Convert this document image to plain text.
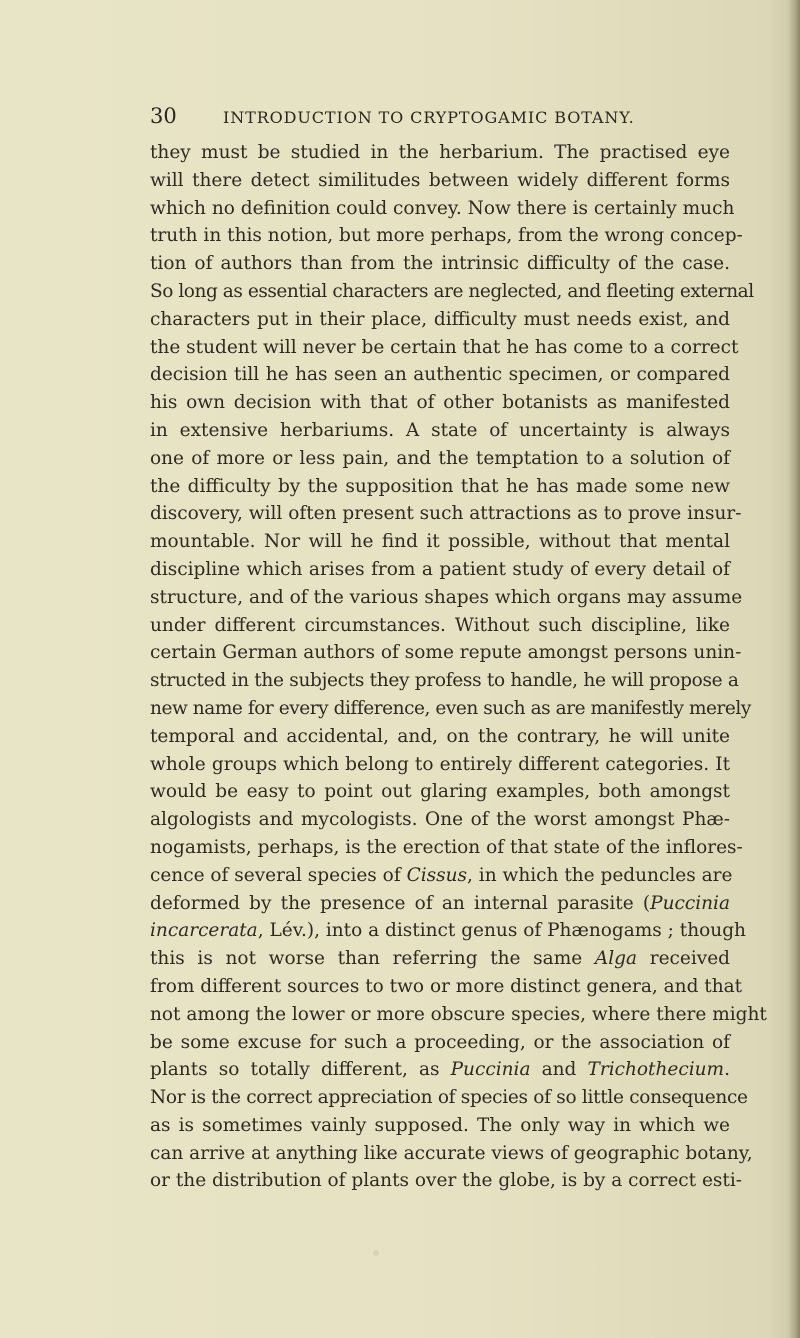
30	INTRODUCTION TO CRYPTOGAMIC BOTANY.
they must be studied in the herbarium. The practised eye
will there detect similitudes between widely different forms
which no definition could convey. Now there is certainly much
truth in this notion, but more perhaps, from the wrong concep-
tion of authors than from the intrinsic difficulty of the case.
So long as essential characters are neglected, and fleeting external
characters put in their place, difficulty must needs exist, and
the student will never be certain that he has come to a correct
decision till he has seen an authentic specimen, or compared
his own decision with that of other botanists as manifested
in extensive herbariums. A state of uncertainty is always
one of more or less pain, and the temptation to a solution of
the difficulty by the supposition that he has made some new
discovery, will often present such attractions as to prove insur-
mountable. Nor will he find it possible, without that mental
discipline which arises from a patient study of every detail of
structure, and of the various shapes which organs may assume
under different circumstances. Without such discipline, like
certain German authors of some repute amongst persons unin-
structed in the subjects they profess to handle, he will propose a
new name for every difference, even such as are manifestly merely
temporal and accidental, and, on the contrary, he will unite
whole groups which belong to entirely different categories. It
would be easy to point out glaring examples, both amongst
algologists and mycologists. One of the worst amongst Phæ-
nogamists, perhaps, is the erection of that state of the inflores-
cence of several species of Cissus, in which the peduncles are
deformed by the presence of an internal parasite (Puccinia
incarcerata, Lév.), into a distinct genus of Phænogams ; though
this is not worse than referring the same Alga received
from different sources to two or more distinct genera, and that
not among the lower or more obscure species, where there might
be some excuse for such a proceeding, or the association of
plants so totally different, as Puccinia and Trichothecium.
Nor is the correct appreciation of species of so little consequence
as is sometimes vainly supposed. The only way in which we
can arrive at anything like accurate views of geographic botany,
or the distribution of plants over the globe, is by a correct esti-
